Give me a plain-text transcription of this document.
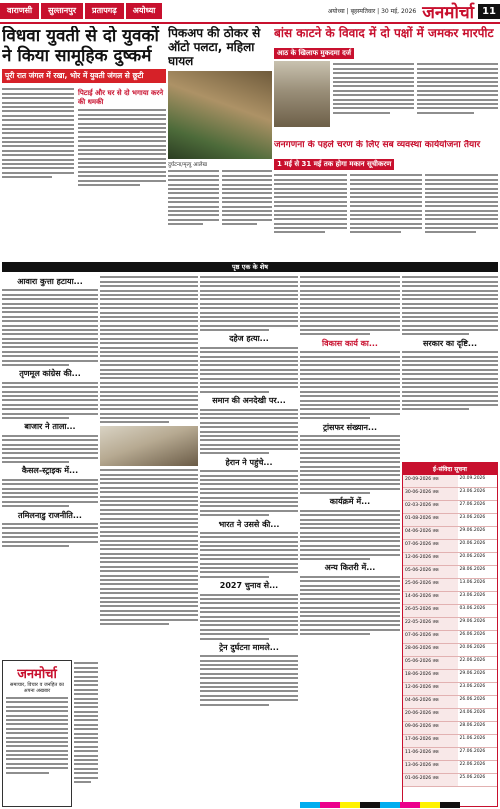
वाराणसी	सुल्तानपुर	प्रतापगढ़	अयोध्या	अयोध्या | बृहस्पतिवार | 30 मई, 2026 जनमोर्चा 11
विधवा युवती से दो युवकों ने किया सामूहिक दुष्कर्म
पूरी रात जंगल में रखा, भोर में युवती जंगल से छूटी
पिटाई और घर से दो भगाया करने की धमकी
पिकअप की ठोकर से ऑटो पलटा, महिला घायल
दुर्घटना/मृत्यु आलेख
बांस काटने के विवाद में दो पक्षों में जमकर मारपीट
आठ के खिलाफ मुकदमा दर्ज
जनगणना के पहले चरण के लिए सब व्यवस्था कार्ययोजना तैयार
1 मई से 31 मई तक होगा मकान सूचीकरण
पृष्ठ एक के शेष
आवारा कुत्ता हटाया...
तृणमूल कांग्रेस की...
बाजार ने ताला...
कैसल-स्ट्राइक में...
तमिलनाडु राजनीति...
जनमोर्चा
समाचार, विचार व जनहित का अपना अखबार
दहेज हत्या...
समान की अनदेखी पर...
हेरान ने पहुंचे...
भारत ने उससे की...
2027 चुनाव से...
ट्रेन दुर्घटना मामले...
विकास कार्य का...
ट्रांसफर संख्यान...
कार्यक्रमें में...
अन्य कितरी में...
सरकार का दृष्टि...
ई-संविदा सूचना
20-09-2026 तक	20.09.2026
30-06-2026 तक	23.06.2026
02-03-2026 तक	27.06.2026
01-08-2026 तक	23.06.2026
04-06-2026 तक	29.06.2026
07-06-2026 तक	20.06.2026
12-06-2026 तक	20.06.2026
05-06-2026 तक	28.06.2026
25-06-2026 तक	13.06.2026
14-06-2026 तक	23.06.2026
26-05-2026 तक	03.06.2026
22-05-2026 तक	29.06.2026
07-06-2026 तक	26.06.2026
28-06-2026 तक	20.06.2026
05-06-2026 तक	22.06.2026
18-06-2026 तक	29.06.2026
12-06-2026 तक	23.06.2026
04-06-2026 तक	26.06.2026
20-06-2026 तक	24.06.2026
09-06-2026 तक	28.06.2026
17-06-2026 तक	21.06.2026
11-06-2026 तक	27.06.2026
13-06-2026 तक	22.06.2026
01-06-2026 तक	25.06.2026
